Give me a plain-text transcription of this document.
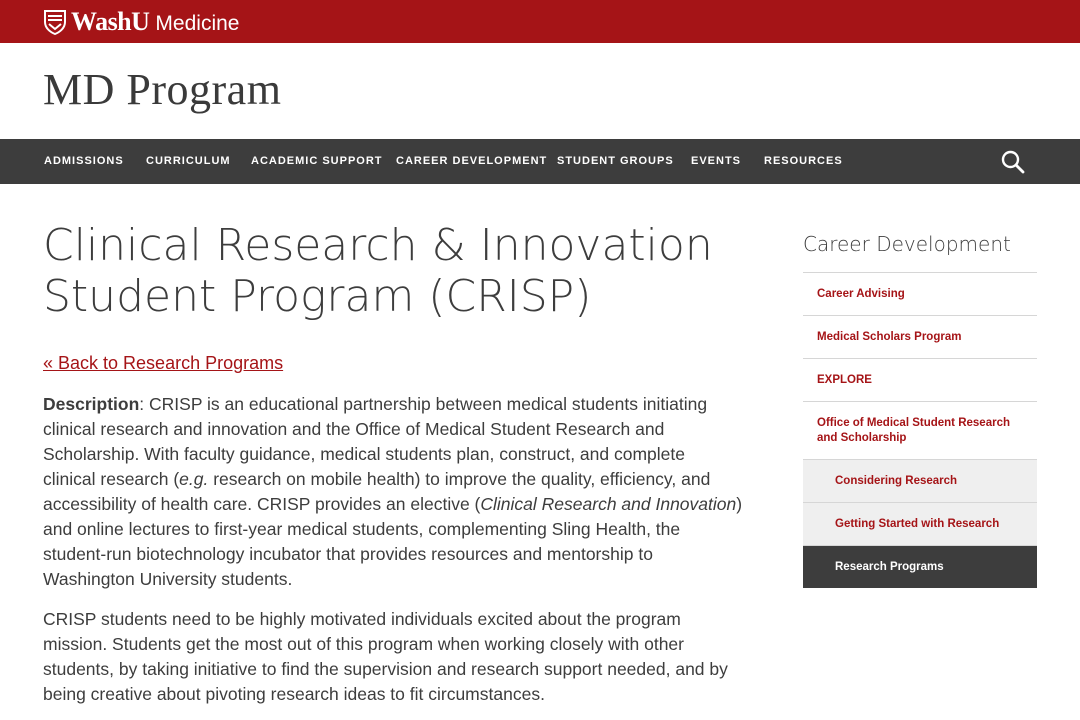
WashU Medicine
MD Program
ADMISSIONS CURRICULUM ACADEMIC SUPPORT CAREER DEVELOPMENT STUDENT GROUPS EVENTS RESOURCES
Clinical Research & Innovation
Student Program (CRISP)
« Back to Research Programs
Description: CRISP is an educational partnership between medical students initiating
clinical research and innovation and the Office of Medical Student Research and
Scholarship. With faculty guidance, medical students plan, construct, and complete
clinical research (e.g. research on mobile health) to improve the quality, efficiency, and
accessibility of health care. CRISP provides an elective (Clinical Research and Innovation)
and online lectures to first-year medical students, complementing Sling Health, the
student-run biotechnology incubator that provides resources and mentorship to
Washington University students.
CRISP students need to be highly motivated individuals excited about the program
mission. Students get the most out of this program when working closely with other
students, by taking initiative to find the supervision and research support needed, and by
being creative about pivoting research ideas to fit circumstances.
Career Development
Career Advising
Medical Scholars Program
EXPLORE
Office of Medical Student Research and Scholarship
Considering Research
Getting Started with Research
Research Programs
